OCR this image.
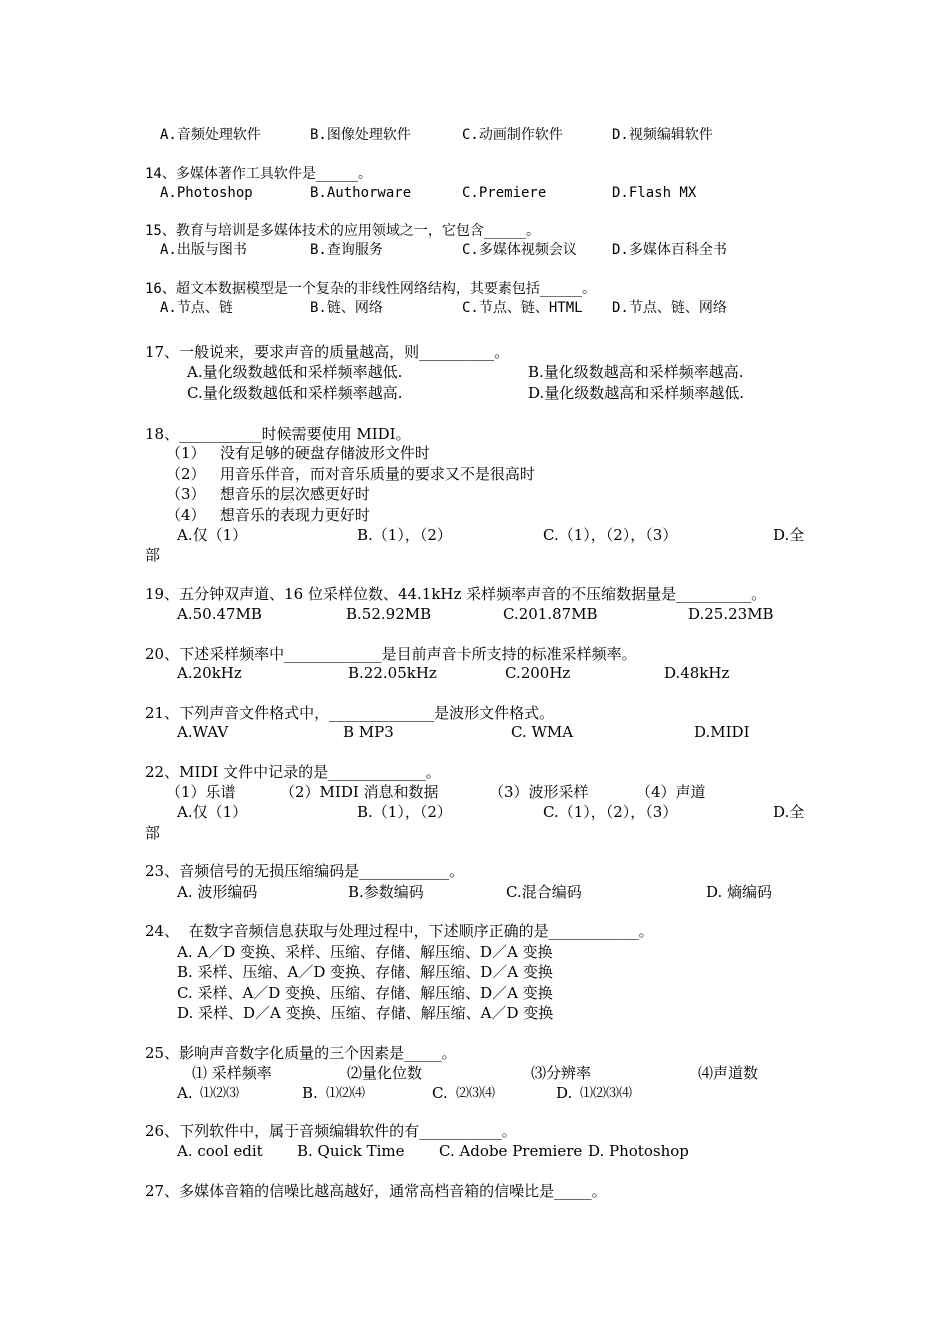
A.音频处理软件	B.图像处理软件	C.动画制作软件	D.视频编辑软件
14、多媒体著作工具软件是_____。
A.Photoshop	B.Authorware	C.Premiere	D.Flash MX
15、教育与培训是多媒体技术的应用领域之一，它包含_____。
A.出版与图书	B.查询服务	C.多媒体视频会议	D.多媒体百科全书
16、超文本数据模型是一个复杂的非线性网络结构，其要素包括_____。
A.节点、链	B.链、网络	C.节点、链、HTML D.节点、链、网络
17、一般说来，要求声音的质量越高，则__________。
A.量化级数越低和采样频率越低.	B.量化级数越高和采样频率越高.
C.量化级数越低和采样频率越高.	D.量化级数越高和采样频率越低.
18、___________时候需要使用 MIDI。
（1）   没有足够的硬盘存储波形文件时
（2）   用音乐伴音，而对音乐质量的要求又不是很高时
（3）   想音乐的层次感更好时
（4）   想音乐的表现力更好时
A.仅（1）	B.（1），（2）	C.（1），（2），（3）	D.全
部
19、五分钟双声道、16 位采样位数、44.1kHz 采样频率声音的不压缩数据量是__________。
A.50.47MB	B.52.92MB	C.201.87MB	D.25.23MB
20、下述采样频率中_____________是目前声音卡所支持的标准采样频率。
A.20kHz	B.22.05kHz	C.200Hz	D.48kHz
21、下列声音文件格式中，______________是波形文件格式。
A.WAV	B MP3	C. WMA	D.MIDI
22、MIDI 文件中记录的是_____________。
（1）乐谱	（2）MIDI 消息和数据	（3）波形采样	（4）声道
A.仅（1）	B.（1），（2）	C.（1），（2），（3）	D.全
部
23、音频信号的无损压缩编码是____________。
A. 波形编码	B.参数编码	C.混合编码	D. 熵编码
24、  在数字音频信息获取与处理过程中，下述顺序正确的是____________。
A. A／D 变换、采样、压缩、存储、解压缩、D／A 变换
B. 采样、压缩、A／D 变换、存储、解压缩、D／A 变换
C. 采样、A／D 变换、压缩、存储、解压缩、D／A 变换
D. 采样、D／A 变换、压缩、存储、解压缩、A／D 变换
25、影响声音数字化质量的三个因素是_____。
⑴ 采样频率	⑵量化位数	⑶分辨率	⑷声道数
A. ⑴⑵⑶	B. ⑴⑵⑷	C. ⑵⑶⑷	D. ⑴⑵⑶⑷
26、下列软件中，属于音频编辑软件的有___________。
A. cool edit B. Quick Time C. Adobe Premiere D. Photoshop
27、多媒体音箱的信噪比越高越好，通常高档音箱的信噪比是_____。
